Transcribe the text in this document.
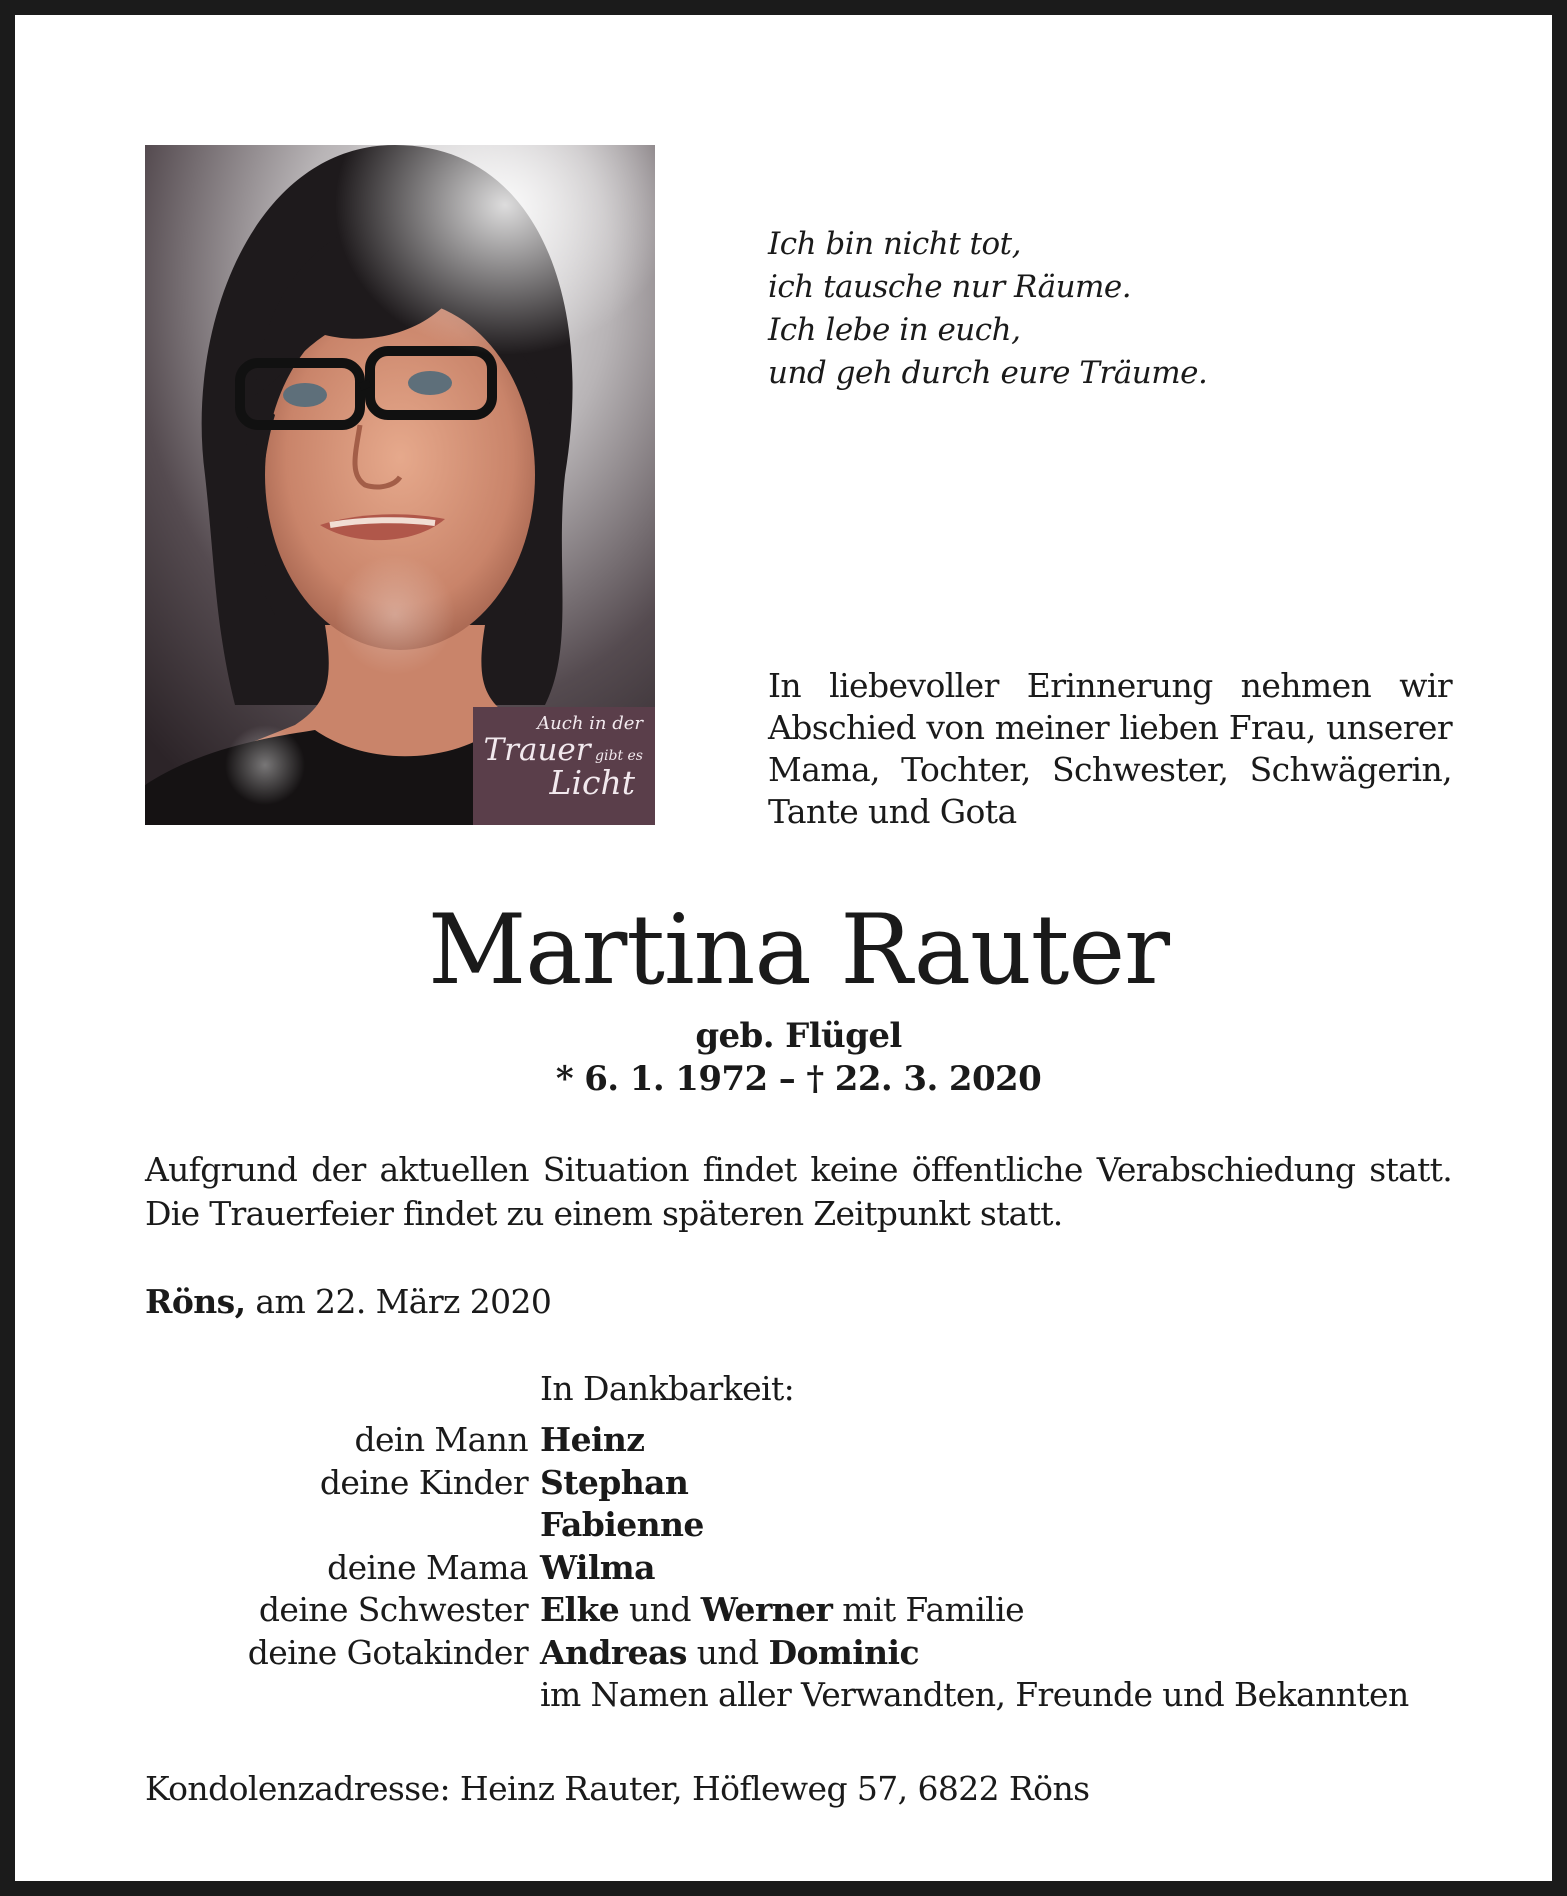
Auch in der
Trauer gibt es
Licht
Ich bin nicht tot,
ich tausche nur Räume.
Ich lebe in euch,
und geh durch eure Träume.
In liebevoller Erinnerung nehmen wir Abschied von meiner lieben Frau, unserer Mama, Tochter, Schwester, Schwägerin, Tante und Gota
Martina Rauter
geb. Flügel
* 6. 1. 1972 – † 22. 3. 2020
Aufgrund der aktuellen Situation findet keine öffentliche Verabschiedung statt. Die Trauerfeier findet zu einem späteren Zeitpunkt statt.
Röns, am 22. März 2020
In Dankbarkeit:
dein Mann Heinz
deine Kinder Stephan
Fabienne
deine Mama Wilma
deine Schwester Elke und Werner mit Familie
deine Gotakinder Andreas und Dominic
im Namen aller Verwandten, Freunde und Bekannten
Kondolenzadresse: Heinz Rauter, Höfleweg 57, 6822 Röns
